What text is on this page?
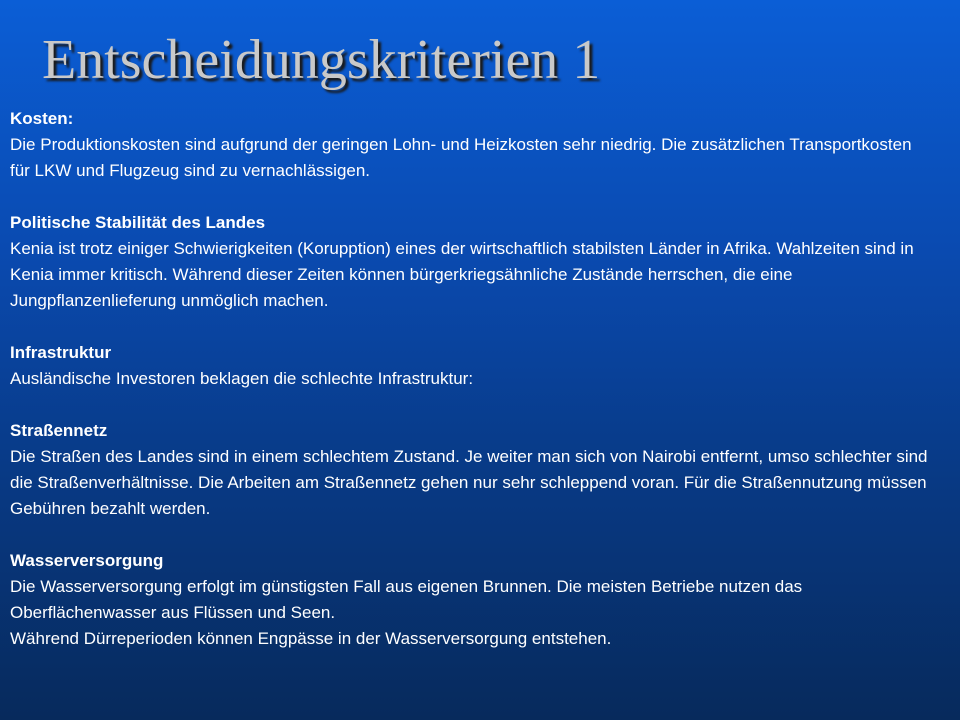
Entscheidungskriterien 1
Kosten:
Die Produktionskosten sind aufgrund der geringen Lohn- und Heizkosten sehr niedrig. Die zusätzlichen Transportkosten für LKW und Flugzeug sind zu vernachlässigen.
Politische Stabilität des Landes
Kenia ist trotz einiger Schwierigkeiten (Korupption) eines der wirtschaftlich stabilsten Länder in Afrika. Wahlzeiten sind in Kenia immer kritisch. Während dieser Zeiten können bürgerkriegsähnliche Zustände herrschen, die eine Jungpflanzenlieferung unmöglich machen.
Infrastruktur
Ausländische Investoren beklagen die schlechte Infrastruktur:
Straßennetz
Die Straßen des Landes sind in einem schlechtem Zustand. Je weiter man sich von Nairobi entfernt, umso schlechter sind die Straßenverhältnisse. Die Arbeiten am Straßennetz gehen nur sehr schleppend voran. Für die Straßennutzung müssen Gebühren bezahlt werden.
Wasserversorgung
Die Wasserversorgung erfolgt im günstigsten Fall aus eigenen Brunnen. Die meisten Betriebe nutzen das Oberflächenwasser aus Flüssen und Seen.
Während Dürreperioden können Engpässe in der Wasserversorgung entstehen.
